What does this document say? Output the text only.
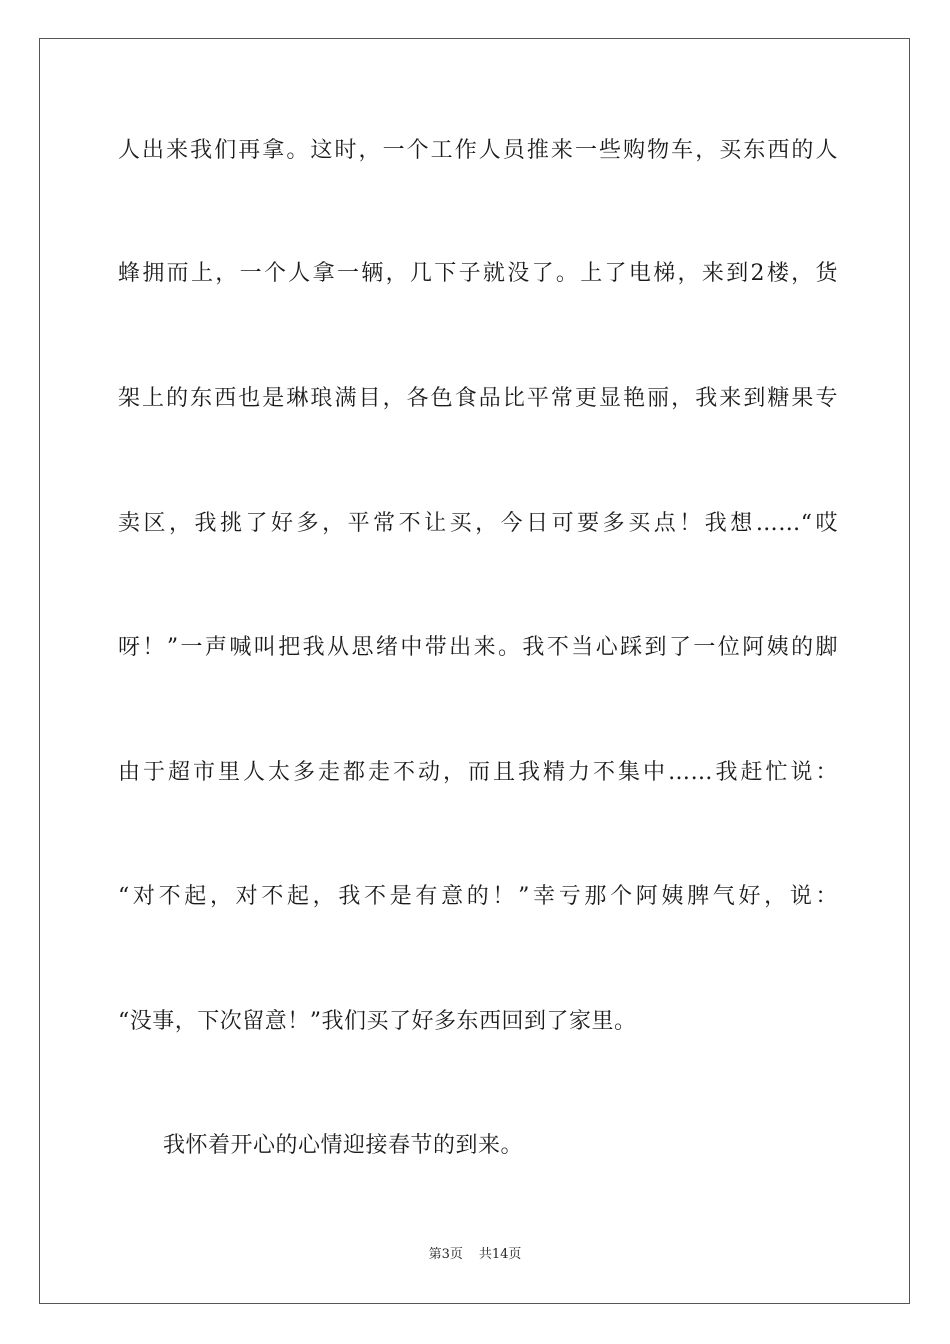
人出来我们再拿。这时，一个工作人员推来一些购物车，买东西的人
蜂拥而上，一个人拿一辆，几下子就没了。上了电梯，来到2楼，货
架上的东西也是琳琅满目，各色食品比平常更显艳丽，我来到糖果专
卖区，我挑了好多，平常不让买，今日可要多买点！我想……“哎
呀！”一声喊叫把我从思绪中带出来。我不当心踩到了一位阿姨的脚
由于超市里人太多走都走不动，而且我精力不集中……我赶忙说：
“对不起，对不起，我不是有意的！”幸亏那个阿姨脾气好，说：
“没事，下次留意！”我们买了好多东西回到了家里。
我怀着开心的心情迎接春节的到来。
第3页 共14页
